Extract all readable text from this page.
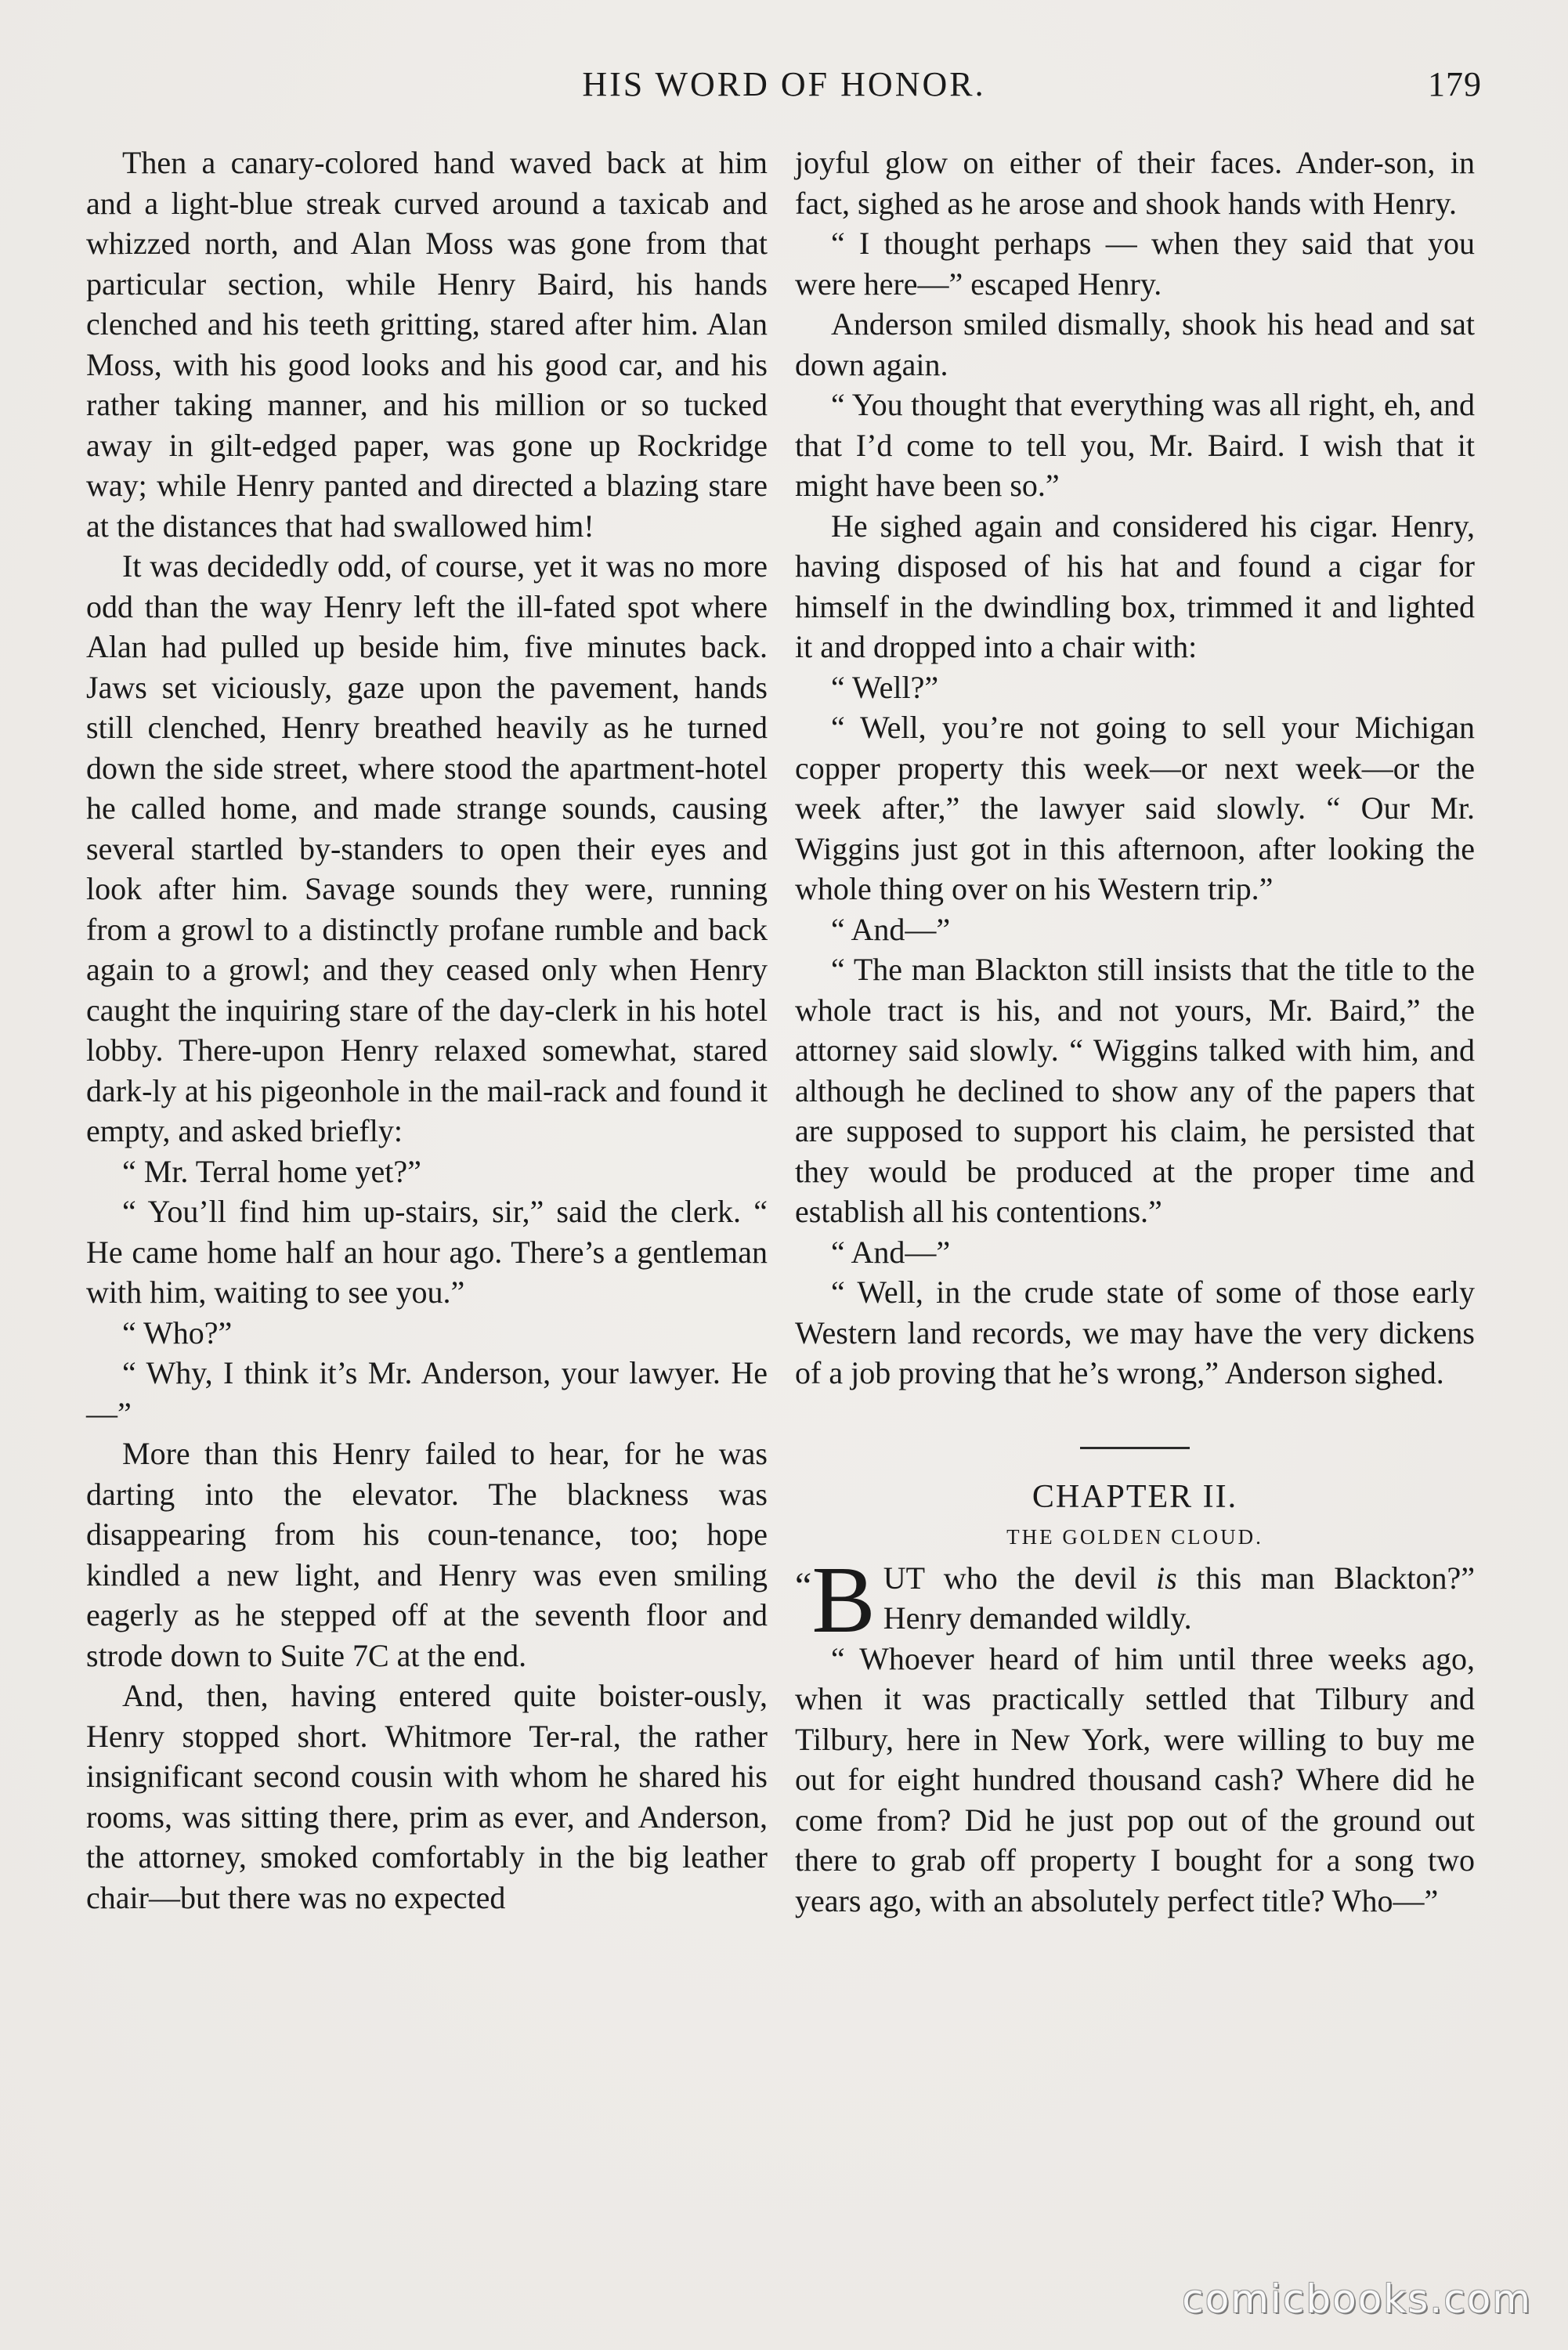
HIS WORD OF HONOR.	179

Then a canary-colored hand waved back at him and a light-blue streak curved around a taxicab and whizzed north, and Alan Moss was gone from that particular section, while Henry Baird, his hands clenched and his teeth gritting, stared after him. Alan Moss, with his good looks and his good car, and his rather taking manner, and his million or so tucked away in gilt-edged paper, was gone up Rockridge way; while Henry panted and directed a blazing stare at the distances that had swallowed him!

It was decidedly odd, of course, yet it was no more odd than the way Henry left the ill-fated spot where Alan had pulled up beside him, five minutes back. Jaws set viciously, gaze upon the pavement, hands still clenched, Henry breathed heavily as he turned down the side street, where stood the apartment-hotel he called home, and made strange sounds, causing several startled by-standers to open their eyes and look after him. Savage sounds they were, running from a growl to a distinctly profane rumble and back again to a growl; and they ceased only when Henry caught the inquiring stare of the day-clerk in his hotel lobby. There-upon Henry relaxed somewhat, stared dark-ly at his pigeonhole in the mail-rack and found it empty, and asked briefly:

“ Mr. Terral home yet?”

“ You’ll find him up-stairs, sir,” said the clerk. “ He came home half an hour ago. There’s a gentleman with him, waiting to see you.”

“ Who?”

“ Why, I think it’s Mr. Anderson, your lawyer. He—”

More than this Henry failed to hear, for he was darting into the elevator. The blackness was disappearing from his coun-tenance, too; hope kindled a new light, and Henry was even smiling eagerly as he stepped off at the seventh floor and strode down to Suite 7C at the end.

And, then, having entered quite boister-ously, Henry stopped short. Whitmore Ter-ral, the rather insignificant second cousin with whom he shared his rooms, was sitting there, prim as ever, and Anderson, the attorney, smoked comfortably in the big leather chair—but there was no expected

joyful glow on either of their faces. Ander-son, in fact, sighed as he arose and shook hands with Henry.

“ I thought perhaps — when they said that you were here—” escaped Henry.

Anderson smiled dismally, shook his head and sat down again.

“ You thought that everything was all right, eh, and that I’d come to tell you, Mr. Baird. I wish that it might have been so.”

He sighed again and considered his cigar. Henry, having disposed of his hat and found a cigar for himself in the dwindling box, trimmed it and lighted it and dropped into a chair with:

“ Well?”

“ Well, you’re not going to sell your Michigan copper property this week—or next week—or the week after,” the lawyer said slowly. “ Our Mr. Wiggins just got in this afternoon, after looking the whole thing over on his Western trip.”

“ And—”

“ The man Blackton still insists that the title to the whole tract is his, and not yours, Mr. Baird,” the attorney said slowly. “ Wiggins talked with him, and although he declined to show any of the papers that are supposed to support his claim, he persisted that they would be produced at the proper time and establish all his contentions.”

“ And—”

“ Well, in the crude state of some of those early Western land records, we may have the very dickens of a job proving that he’s wrong,” Anderson sighed.

CHAPTER II.

THE GOLDEN CLOUD.

“B UT who the devil is this man Blackton?” Henry demanded wildly.

“ Whoever heard of him until three weeks ago, when it was practically settled that Tilbury and Tilbury, here in New York, were willing to buy me out for eight hundred thousand cash? Where did he come from? Did he just pop out of the ground out there to grab off property I bought for a song two years ago, with an absolutely perfect title? Who—”

comicbooks.com
